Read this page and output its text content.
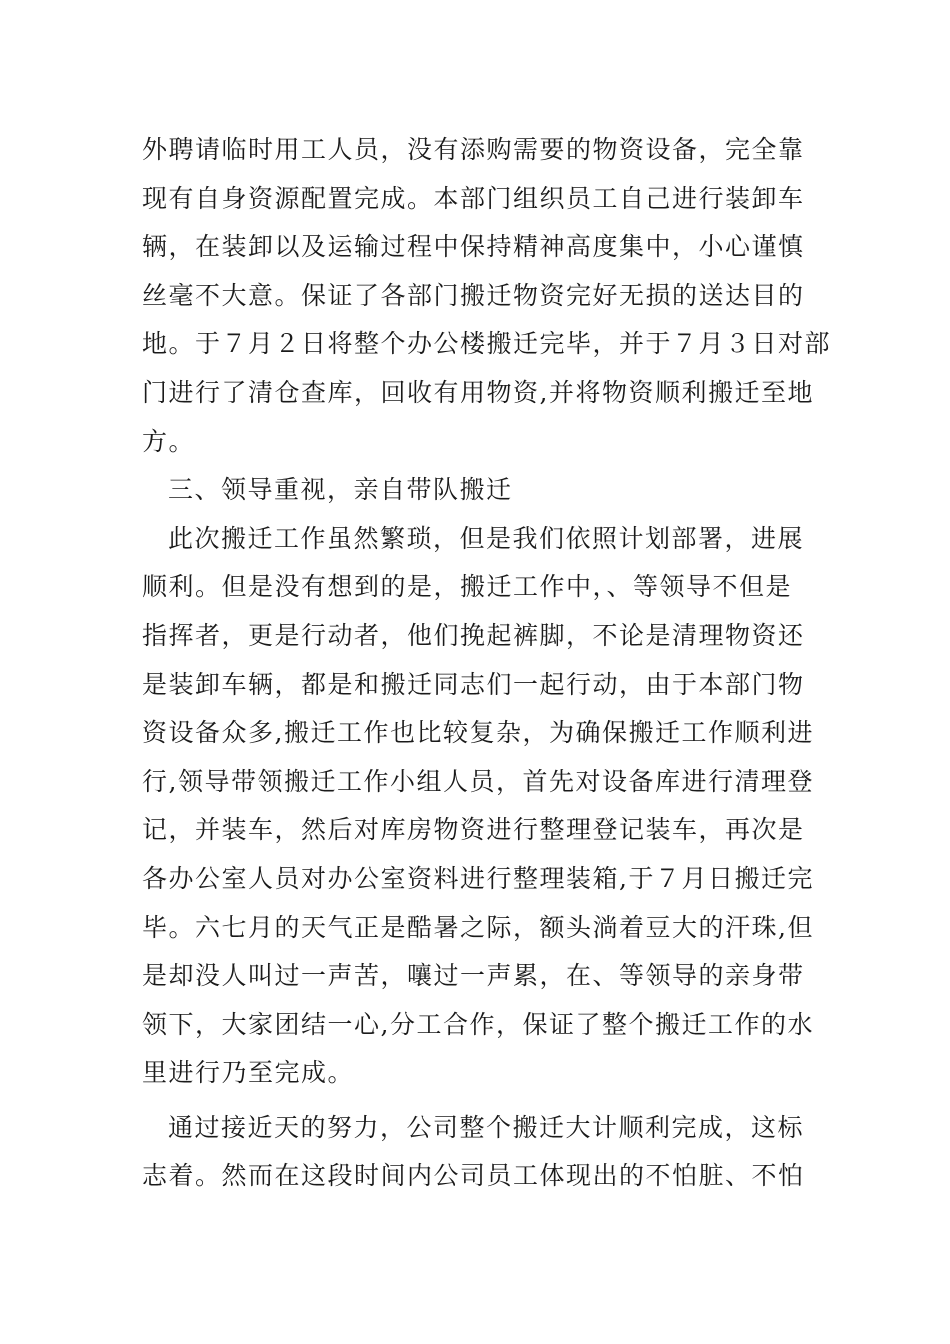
外聘请临时用工人员，没有添购需要的物资设备，完全靠
现有自身资源配置完成。本部门组织员工自己进行装卸车
辆，在装卸以及运输过程中保持精神高度集中，小心谨慎
丝毫不大意。保证了各部门搬迁物资完好无损的送达目的
地。于７月２日将整个办公楼搬迁完毕，并于７月３日对部
门进行了清仓查库，回收有用物资,并将物资顺利搬迁至地
方。
三、领导重视，亲自带队搬迁
此次搬迁工作虽然繁琐，但是我们依照计划部署，进展
顺利。但是没有想到的是，搬迁工作中，、等领导不但是
指挥者，更是行动者，他们挽起裤脚，不论是清理物资还
是装卸车辆，都是和搬迁同志们一起行动，由于本部门物
资设备众多,搬迁工作也比较复杂，为确保搬迁工作顺利进
行,领导带领搬迁工作小组人员，首先对设备库进行清理登
记，并装车，然后对库房物资进行整理登记装车，再次是
各办公室人员对办公室资料进行整理装箱,于７月日搬迁完
毕。六七月的天气正是酷暑之际，额头淌着豆大的汗珠,但
是却没人叫过一声苦，嚷过一声累，在、等领导的亲身带
领下，大家团结一心,分工合作，保证了整个搬迁工作的水
里进行乃至完成。
通过接近天的努力，公司整个搬迁大计顺利完成，这标
志着。然而在这段时间内公司员工体现出的不怕脏、不怕
